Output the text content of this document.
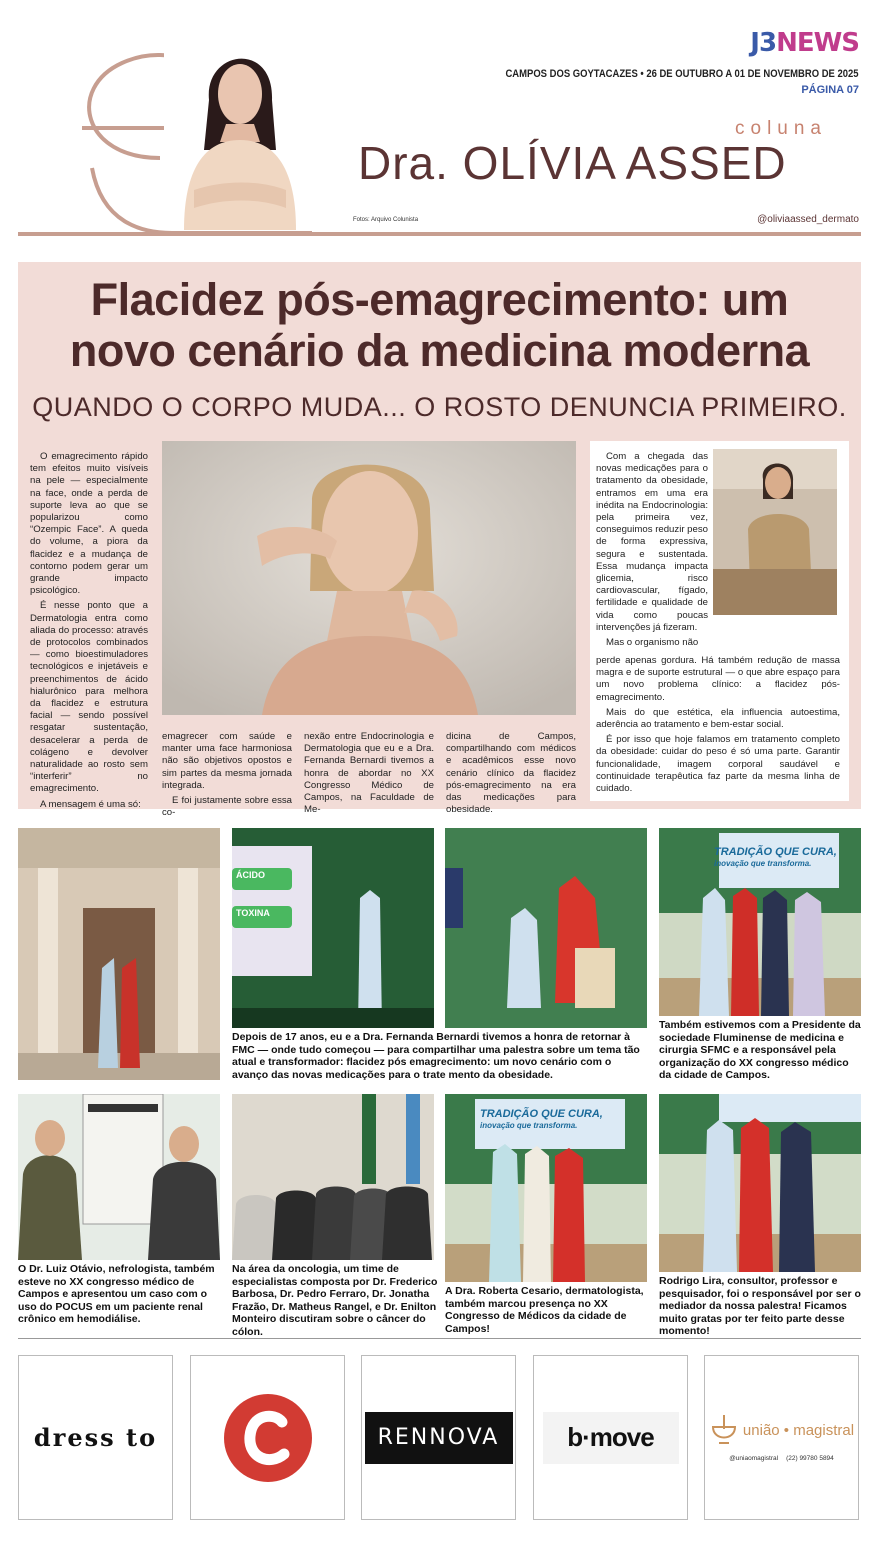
J3NEWS
CAMPOS DOS GOYTACAZES • 26 DE OUTUBRO A 01 DE NOVEMBRO DE 2025
PÁGINA 07
coluna
Dra. OLÍVIA ASSED
Fotos: Arquivo Colunista	@oliviaassed_dermato
Flacidez pós-emagrecimento: um
novo cenário da medicina moderna
QUANDO O CORPO MUDA... O ROSTO DENUNCIA PRIMEIRO.

O emagrecimento rápido tem efeitos muito visíveis na pele — especialmente na face, onde a perda de suporte leva ao que se popularizou como “Ozempic Face”. A queda do volume, a piora da flacidez e a mudança de contorno podem gerar um grande impacto psicológico.

É nesse ponto que a Dermatologia entra como aliada do processo: através de protocolos combinados — como bioestimuladores tecnológicos e injetáveis e preenchimentos de ácido hialurônico para melhora da flacidez e estrutura facial — sendo possível resgatar sustentação, desacelerar a perda de colágeno e devolver naturalidade ao rosto sem “interferir” no emagrecimento.

A mensagem é uma só:

emagrecer com saúde e manter uma face harmoniosa não são objetivos opostos e sim partes da mesma jornada integrada.

E foi justamente sobre essa co-

nexão entre Endocrinologia e Dermatologia que eu e a Dra. Fernanda Bernardi tivemos a honra de abordar no XX Congresso Médico de Campos, na Faculdade de Me-

dicina de Campos, compartilhando com médicos e acadêmicos esse novo cenário clínico da flacidez pós-emagrecimento na era das medicações para obesidade.

Com a chegada das novas medicações para o tratamento da obesidade, entramos em uma era inédita na Endocrinologia: pela primeira vez, conseguimos reduzir peso de forma expressiva, segura e sustentada. Essa mudança impacta glicemia, risco cardiovascular, fígado, fertilidade e qualidade de vida como poucas intervenções já fizeram.

Mas o organismo não

perde apenas gordura. Há também redução de massa magra e de suporte estrutural — o que abre espaço para um novo problema clínico: a flacidez pós-emagrecimento.

Mais do que estética, ela influencia autoestima, aderência ao tratamento e bem-estar social.

É por isso que hoje falamos em tratamento completo da obesidade: cuidar do peso é só uma parte. Garantir funcionalidade, imagem corporal saudável e continuidade terapêutica faz parte da mesma linha de cuidado.

ÁCIDO
TOXINA
TRADIÇÃO QUE CURA,
inovação que transforma.
Depois de 17 anos, eu e a Dra. Fernanda Bernardi tivemos a honra de retornar à FMC — onde tudo começou — para compartilhar uma palestra sobre um tema tão atual e transformador: flacidez pós emagrecimento: um novo cenário com o avanço das novas medicações para o trate mento da obesidade.
Também estivemos com a Presidente da sociedade Fluminense de medicina e cirurgia SFMC e a responsável pela organização do XX congresso médico da cidade de Campos.
TRADIÇÃO QUE CURA,
inovação que transforma.
O Dr. Luiz Otávio, nefrologista, também esteve no XX congresso médico de Campos e apresentou um caso com o uso do POCUS em um paciente renal crônico em hemodiálise.
Na área da oncologia, um time de especialistas composta por Dr. Frederico Barbosa, Dr. Pedro Ferraro, Dr. Jonatha Frazão, Dr. Matheus Rangel, e Dr. Enilton Monteiro discutiram sobre o câncer do cólon.
A Dra. Roberta Cesario, dermatologista, também marcou presença no XX Congresso de Médicos da cidade de Campos!
Rodrigo Lira, consultor, professor e pesquisador, foi o responsável por ser o mediador da nossa palestra! Ficamos muito gratas por ter feito parte desse momento!
dress to	RENNOVA	b·move	união • magistral
@uniaomagistral (22) 99780 5894
